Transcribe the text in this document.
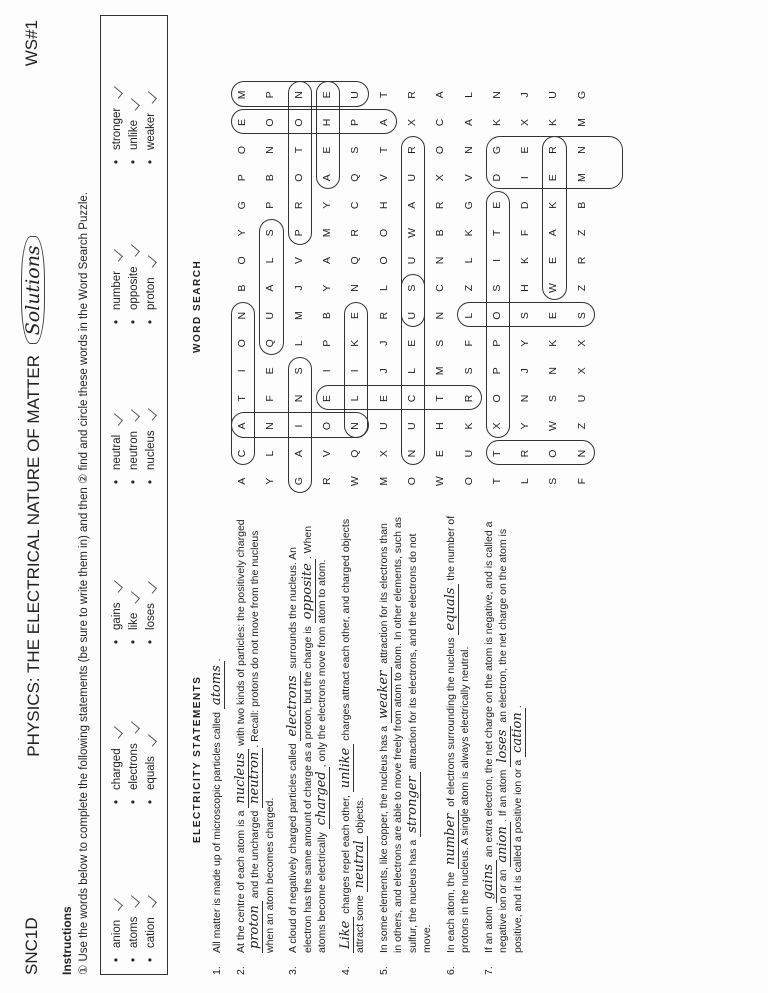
SNC1D
PHYSICS: THE ELECTRICAL NATURE OF MATTER Solutions
WS#1
Instructions ① Use the words below to complete the following statements (be sure to write them in) and then ② find and circle these words in the Word Search Puzzle. • anion • atoms • cation
• charged • electrons • equals
• gains • like • loses
• neutral • neutron • nucleus
• number • opposite • proton
• stronger • unlike • weaker
ELECTRICITY STATEMENTS
WORD SEARCH
1.
All matter is made up of microscopic particles called atoms.
2.
At the centre of each atom is a nucleus with two kinds of particles: the positively charged proton and the uncharged neutron. Recall: protons do not move from the nucleus when an atom becomes charged.
3.
A cloud of negatively charged particles called electrons surrounds the nucleus. An electron has the same amount of charge as a proton, but the charge is opposite. When atoms become electrically charged, only the electrons move from atom to atom.
4.
Like charges repel each other, unlike charges attract each other, and charged objects attract some neutral objects.
5.
In some elements, like copper, the nucleus has a weaker attraction for its electrons than in others, and electrons are able to move freely from atom to atom. In other elements, such as sulfur, the nucleus has a stronger attraction for its electrons, and the electrons do not move.
6.
In each atom, the number of electrons surrounding the nucleus equals the number of protons in the nucleus. A single atom is always electrically neutral.
7.
If an atom gains an extra electron, the net charge on the atom is negative, and is called a negative ion or an anion. If an atom loses an electron, the net charge on the atom is positive, and it is called a positive ion or a cation.
A
C
A
T
I
O
N
B
O
Y
G
P
O
E
M
Y
L
N
F
E
Q
U
A
L
S
P
B
N
O
P
G
A
I
N
S
L
M
J
V
P
R
O
T
O
N
R
V
O
E
I
P
B
Y
A
M
Y
A
E
H
E
W
Q
N
L
I
K
E
N
Q
R
C
Q
S
P
U
M
X
U
E
J
J
R
L
O
O
H
V
T
A
T
O
N
U
C
L
E
U
S
U
W
A
U
R
X
R
W
E
H
T
M
S
N
C
N
B
R
X
O
C
A
O
U
K
R
S
F
L
Z
L
K
G
V
N
A
L
T
T
X
O
P
P
O
S
I
T
E
D
G
K
N
L
R
Y
N
J
Y
S
H
K
F
D
I
E
X
J
S
O
W
S
N
K
E
W
E
A
K
E
R
K
U
F
N
Z
U
X
X
S
Z
R
Z
B
M
N
M
G
